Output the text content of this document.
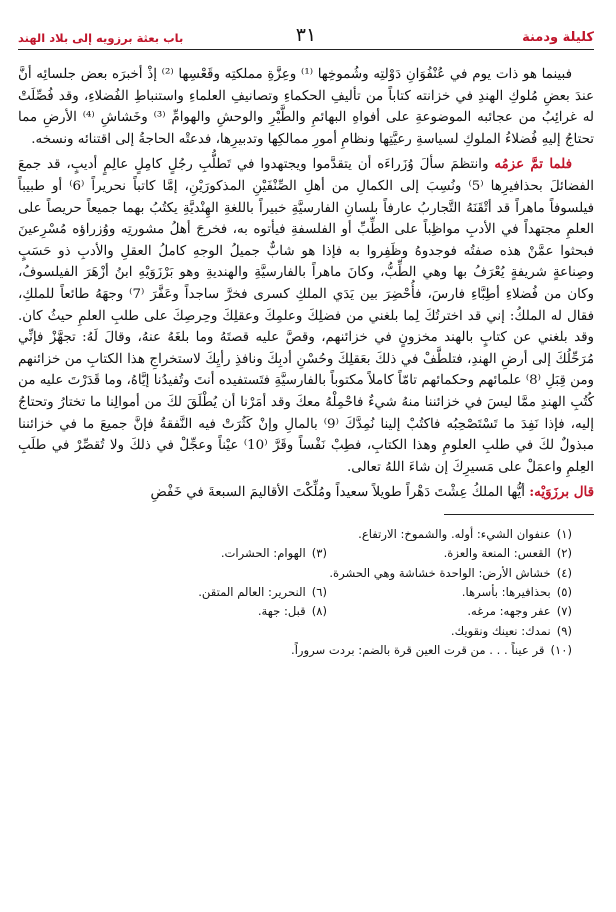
كليلة ودمنة
٣١
باب بعثة برزويه إلى بلاد الهند

فبينما هو ذات يوم في عُنْفُوَانِ دَوْلتِه وشُموخِها ⁽¹⁾ وعِزَّةِ مملكتِه وقَعْسِها ⁽²⁾ إذْ أخبرَه بعض جلسائِه أنَّ عندَ بعضِ مُلوكِ الهندِ في خزانته كتاباً من تأليفِ الحكماءِ وتصانيفِ العلماءِ واستنباطِ الفُضلاءِ، وقد فُصِّلَتْ له غرائِبُ من عجائبه الموضوعةِ على أفواهِ البهائمِ والطَّيْرِ والوحشِ والهوامِّ ⁽³⁾ وخَشاشِ ⁽⁴⁾ الأرضِ مما تحتاجُ إليهِ فُضلاءُ الملوكِ لسياسةِ رعيَّتِها ونظامِ أمورِ ممالكِها وتدبيرِها، فدعتْه الحاجةُ إلى اقتنائه ونسخه.

فلما تمَّ عزمُه وانتظمَ سألَ وُزَراءَه أن يتقدَّموا ويجتهدوا في تَطلُّبِ رجُلٍ كامِلٍ عالِمٍ أديبٍ، قد جمعَ الفضائلَ بحذافيرِها ⁽5⁾ ونُسِبَ إلى الكمالِ من أهلِ الصِّنْفَيْنِ المذكورَيْنِ، إمَّا كاتباً نحريراً ⁽6⁾ أو طبيباً فيلسوفاً ماهراً قد أتْقَنَهُ التَّجاربُ عارفاً بلسانِ الفارسيَّةِ خبيراً باللغةِ الهِنْديَّةِ يكتُبُ بهما جميعاً حريصاً على العلمِ مجتهداً في الأدبِ مواظِباً على الطِّبِّ أو الفلسفةِ فيأتوه به، فخرجَ أهلُ مشورتِه ووُزراؤه مُسْرِعينَ فبحثوا عمَّنْ هذه صفتُه فوجدوهُ وظَفِروا به فإذا هو شابٌّ جميلُ الوجهِ كاملُ العقلِ والأدبِ ذو حَسَبٍ وصِناعةٍ شريفةٍ يُعْرَفُ بها وهي الطِّبُّ، وكانَ ماهراً بالفارسيَّةِ والهنديةِ وهو بَرْزَوَيْهِ ابنُ أزْهَرَ الفيلسوفُ، وكان من فُضلاءِ أطِبَّاءِ فارسَ، فأُحْضِرَ بين يَدَي الملكِ كسرى فخرَّ ساجداً وعَفَّرَ ⁽7⁾ وجهَهُ طائعاً للملكِ، فقال له الملكُ: إني قد اخترتُكَ لِما بلغني من فضلِكَ وعلمِكَ وعقلِكَ وحِرصِكَ على طلبِ العلمِ حيثُ كان. وقد بلغني عن كتابٍ بالهند مخزونٍ في خزائنهم، وقصَّ عليه قصتَهُ وما بلغَهُ عنهُ، وقالَ لَهُ: تجهَّزْ فإنِّي مُرَحِّلُكَ إلى أرضِ الهندِ، فتلطَّفْ في ذلكَ بعَقلِكَ وحُسْنِ أدبِكَ ونافذِ رأيِكَ لاستخراجِ هذا الكتابِ من خزائنهم ومن قِبَلِ ⁽8⁾ علمائهم وحكمائهم تامّاً كاملاً مكتوباً بالفارسيَّةِ فتَستفيده أنتَ وتُفيدُنا إيَّاهُ، وما قَدَرْتَ عليه من كُتُبِ الهندِ ممَّا ليسَ في خزائننا منهُ شيءٌ فاحْمِلْهُ معكَ وقد أمَرْنا أن يُطْلَقَ لكَ من أموالِنا ما تختارُ وتحتاجُ إليه، فإذا نَفِدَ ما تَسْتَصْحِبُه فاكتُبْ إلينا نُمِدَّكَ ⁽9⁾ بالمالِ وإنْ كَثُرَتْ فيه النَّفقةُ فإنَّ جميعَ ما في خزائننا مبذولٌ لكَ في طلبِ العلومِ وهذا الكتابِ، فطِبْ نَفْساً وقَرَّ ⁽10⁾ عيْناً وعجِّلْ في ذلكَ ولا تُقصِّرْ في طلَبِ العِلمِ واعمَلْ على مَسيرِكَ إن شاءَ اللهُ تعالى.

قال برزَوَيْه: أيُّها الملكُ عِشْتَ دَهْراً طويلاً سعيداً ومُلِّكْتَ الأقاليمَ السبعةَ في خَفْضِ

(١)عنفوان الشيء: أوله. والشموخ: الارتفاع.
(٢)القعس: المنعة والعزة.
(٣)الهوام: الحشرات.
(٤)خشاش الأرض: الواحدة خشاشة وهي الحشرة.
(٥)بحذافيرها: بأسرها.
(٦)النحرير: العالم المتقن.
(٧)عفر وجهه: مرغه.
(٨)قبل: جهة.
(٩)نمدك: نعينك ونقويك.
(١٠)قر عيناً . . . من قرت العين قرة بالضم: بردت سروراً.
